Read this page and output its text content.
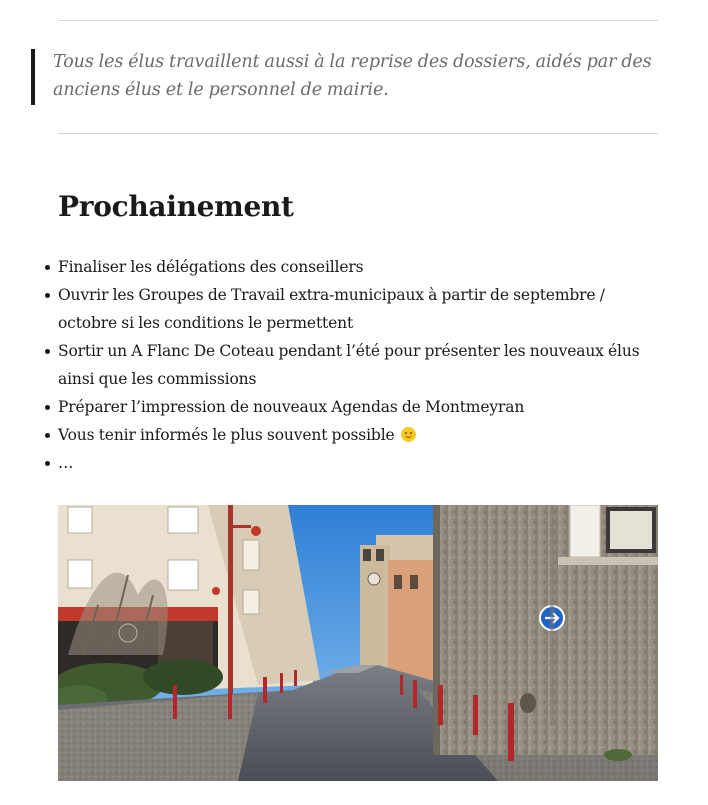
Tous les élus travaillent aussi à la reprise des dossiers, aidés par des anciens élus et le personnel de mairie.

Prochainement
Finaliser les délégations des conseillers
Ouvrir les Groupes de Travail extra-municipaux à partir de septembre / octobre si les conditions le permettent
Sortir un A Flanc De Coteau pendant l’été pour présenter les nouveaux élus ainsi que les commissions
Préparer l’impression de nouveaux Agendas de Montmeyran
Vous tenir informés le plus souvent possible
…
